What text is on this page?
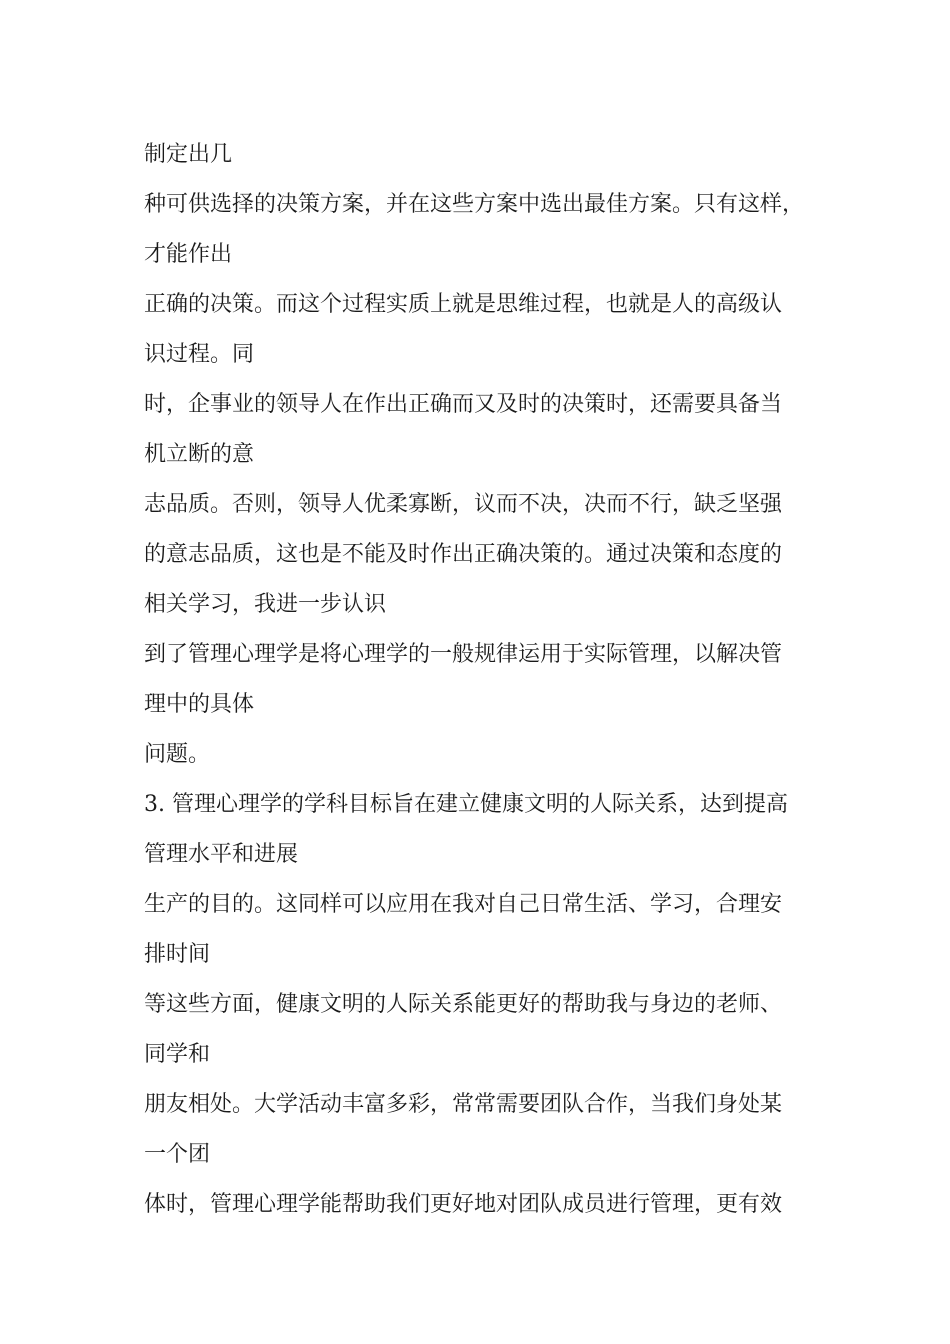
制定出几
种可供选择的决策方案，并在这些方案中选出最佳方案。只有这样，
才能作出
正确的决策。而这个过程实质上就是思维过程，也就是人的高级认
识过程。同
时，企事业的领导人在作出正确而又及时的决策时，还需要具备当
机立断的意
志品质。否则，领导人优柔寡断，议而不决，决而不行，缺乏坚强
的意志品质，这也是不能及时作出正确决策的。通过决策和态度的
相关学习，我进一步认识
到了管理心理学是将心理学的一般规律运用于实际管理，以解决管
理中的具体
问题。
3. 管理心理学的学科目标旨在建立健康文明的人际关系，达到提高
管理水平和进展
生产的目的。这同样可以应用在我对自己日常生活、学习，合理安
排时间
等这些方面，健康文明的人际关系能更好的帮助我与身边的老师、
同学和
朋友相处。大学活动丰富多彩，常常需要团队合作，当我们身处某
一个团
体时，管理心理学能帮助我们更好地对团队成员进行管理，更有效
